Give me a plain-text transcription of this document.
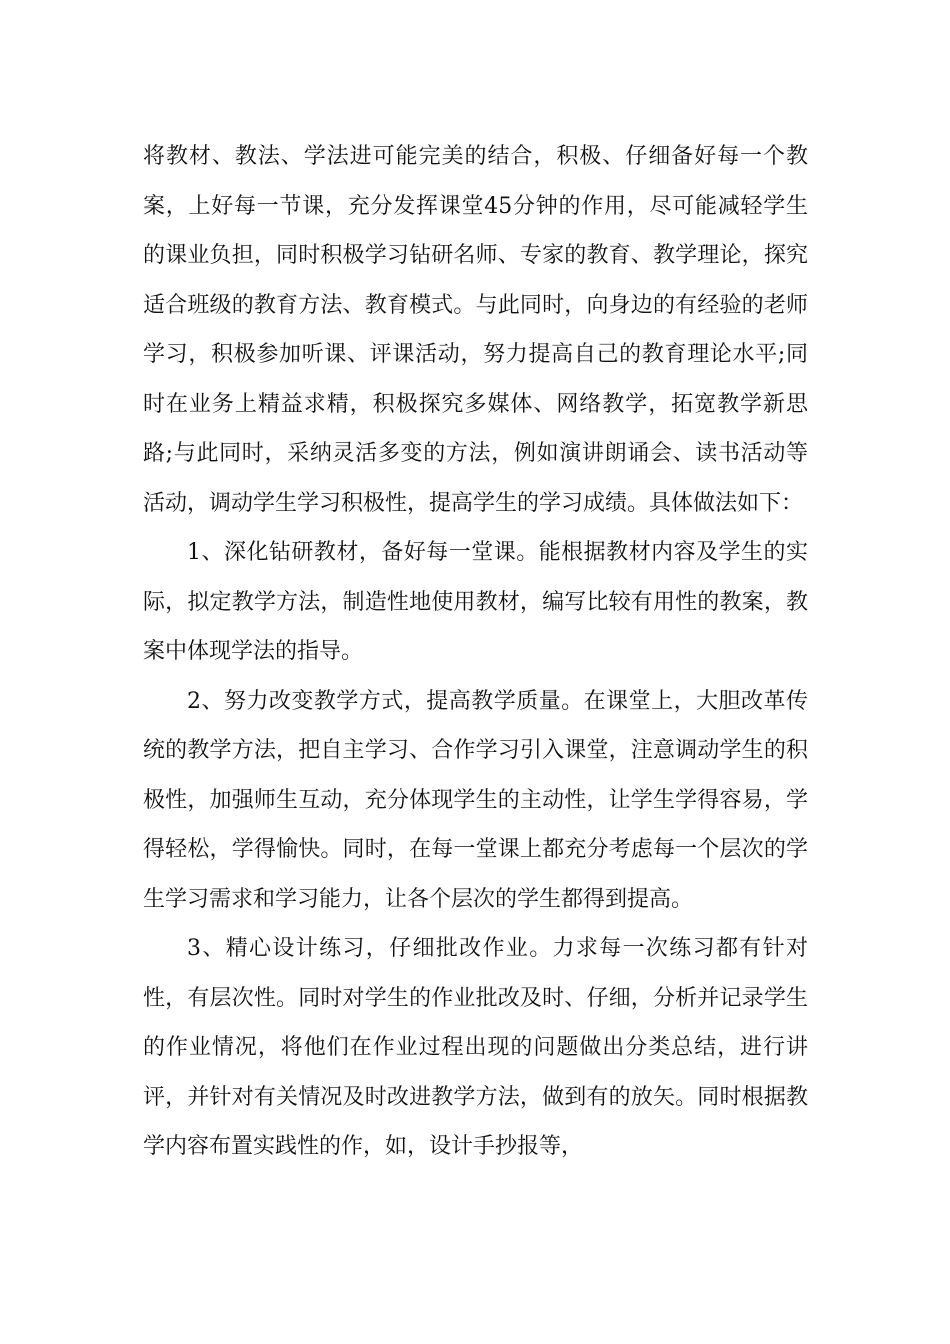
将教材、教法、学法进可能完美的结合，积极、仔细备好每一个教案，上好每一节课，充分发挥课堂45分钟的作用，尽可能减轻学生的课业负担，同时积极学习钻研名师、专家的教育、教学理论，探究适合班级的教育方法、教育模式。与此同时，向身边的有经验的老师学习，积极参加听课、评课活动，努力提高自己的教育理论水平;同时在业务上精益求精，积极探究多媒体、网络教学，拓宽教学新思路;与此同时，采纳灵活多变的方法，例如演讲朗诵会、读书活动等活动，调动学生学习积极性，提高学生的学习成绩。具体做法如下：

1、深化钻研教材，备好每一堂课。能根据教材内容及学生的实际，拟定教学方法，制造性地使用教材，编写比较有用性的教案，教案中体现学法的指导。

2、努力改变教学方式，提高教学质量。在课堂上，大胆改革传统的教学方法，把自主学习、合作学习引入课堂，注意调动学生的积极性，加强师生互动，充分体现学生的主动性，让学生学得容易，学得轻松，学得愉快。同时，在每一堂课上都充分考虑每一个层次的学生学习需求和学习能力，让各个层次的学生都得到提高。

3、精心设计练习，仔细批改作业。力求每一次练习都有针对性，有层次性。同时对学生的作业批改及时、仔细，分析并记录学生的作业情况，将他们在作业过程出现的问题做出分类总结，进行讲评，并针对有关情况及时改进教学方法，做到有的放矢。同时根据教学内容布置实践性的作，如，设计手抄报等，
